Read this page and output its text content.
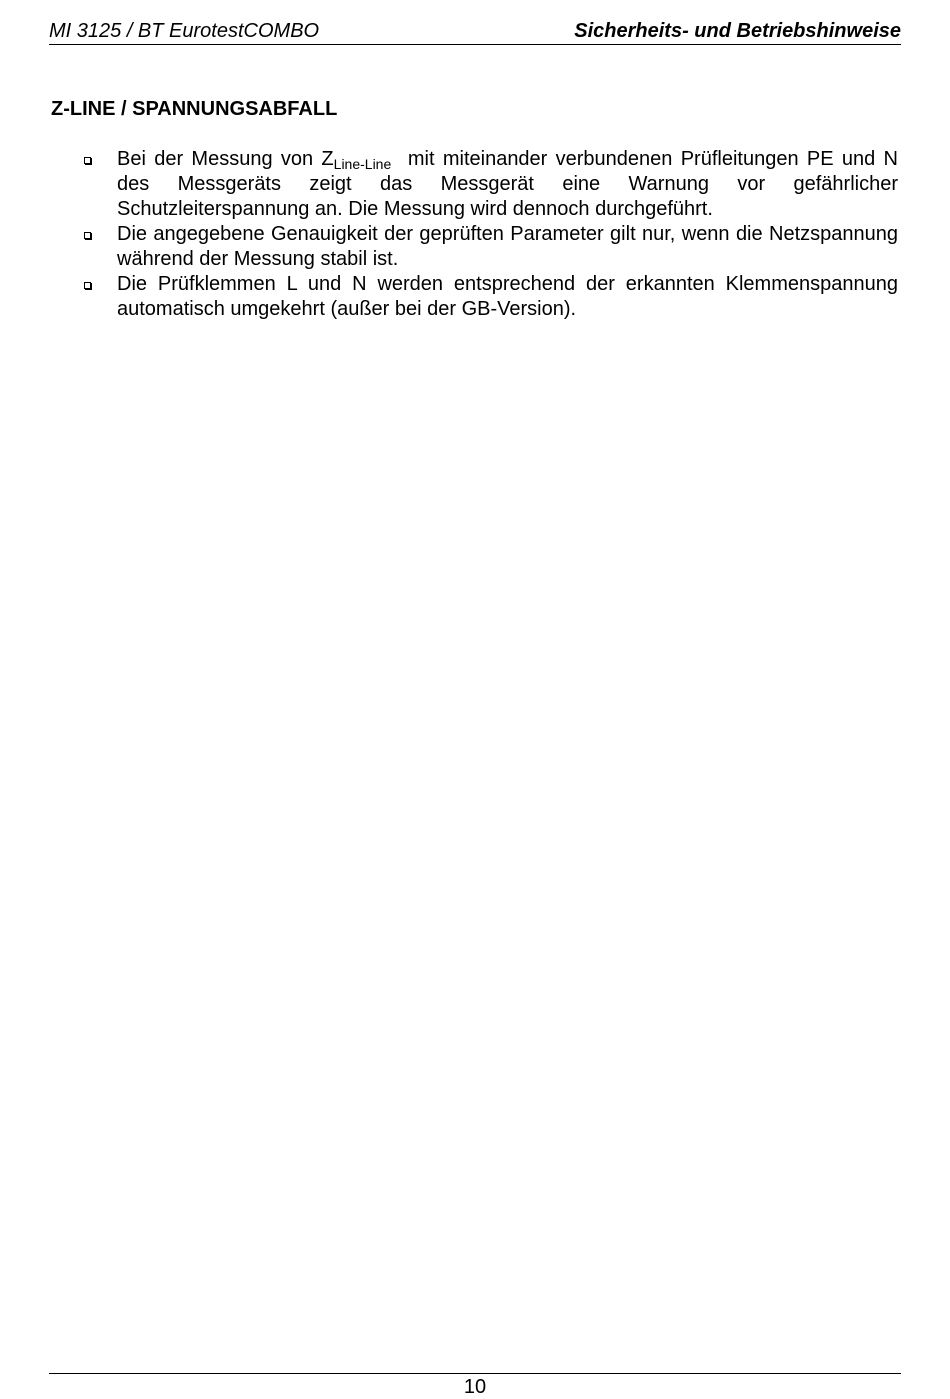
MI 3125 / BT EurotestCOMBO	Sicherheits- und Betriebshinweise
Z-LINE / SPANNUNGSABFALL
Bei der Messung von $Z_{Line-Line}$  mit miteinander verbundenen Prüfleitungen PE und N des Messgeräts zeigt das Messgerät eine Warnung vor gefährlicher Schutzleiterspannung an. Die Messung wird dennoch durchgeführt.
Die angegebene Genauigkeit der geprüften Parameter gilt nur, wenn die Netzspannung während der Messung stabil ist.
Die Prüfklemmen L und N werden entsprechend der erkannten Klemmenspannung automatisch umgekehrt (außer bei der GB-Version).
10
